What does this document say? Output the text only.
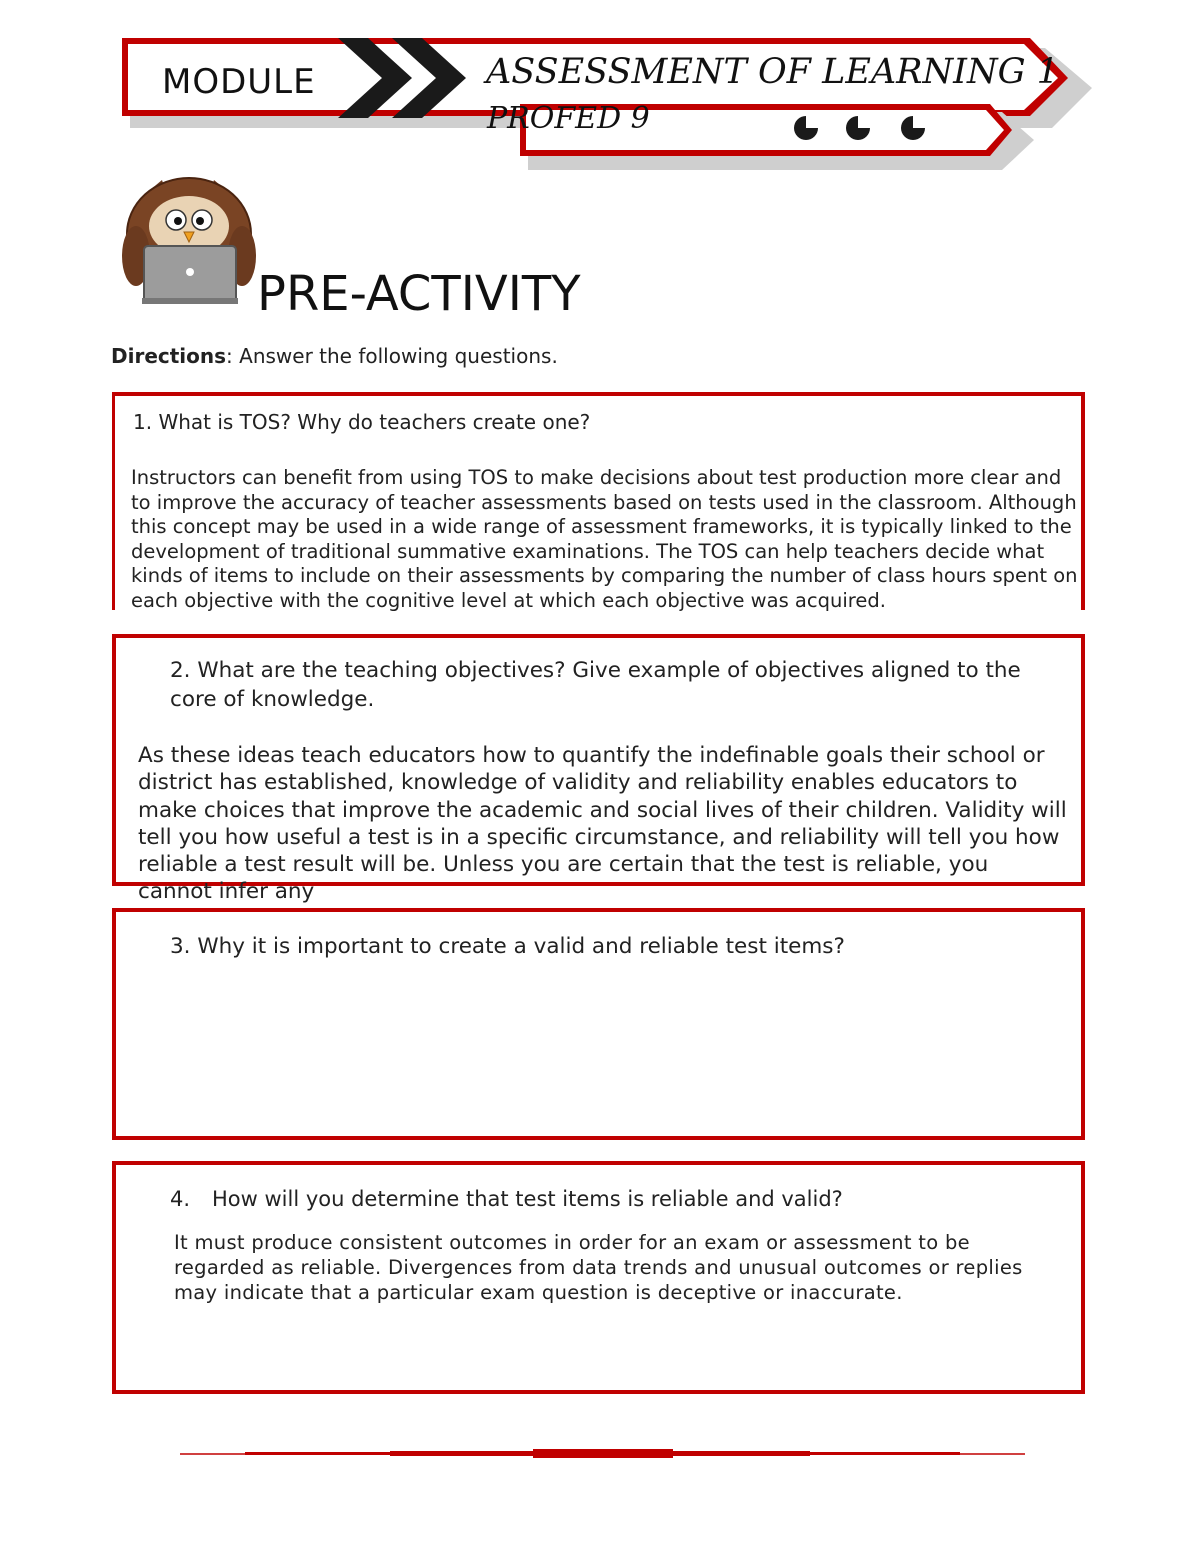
MODULE	ASSESSMENT OF LEARNING 1
PROFED 9
PRE-ACTIVITY
Directions: Answer the following questions.
1. What is TOS? Why do teachers create one?
Instructors can benefit from using TOS to make decisions about test production more clear and to improve the accuracy of teacher assessments based on tests used in the classroom. Although this concept may be used in a wide range of assessment frameworks, it is typically linked to the development of traditional summative examinations. The TOS can help teachers decide what kinds of items to include on their assessments by comparing the number of class hours spent on each objective with the cognitive level at which each objective was acquired.
2. What are the teaching objectives? Give example of objectives aligned to the core of knowledge.
As these ideas teach educators how to quantify the indefinable goals their school or district has established, knowledge of validity and reliability enables educators to make choices that improve the academic and social lives of their children. Validity will tell you how useful a test is in a specific circumstance, and reliability will tell you how reliable a test result will be. Unless you are certain that the test is reliable, you cannot infer any
3. Why it is important to create a valid and reliable test items?
4. How will you determine that test items is reliable and valid?
It must produce consistent outcomes in order for an exam or assessment to be regarded as reliable. Divergences from data trends and unusual outcomes or replies may indicate that a particular exam question is deceptive or inaccurate.
